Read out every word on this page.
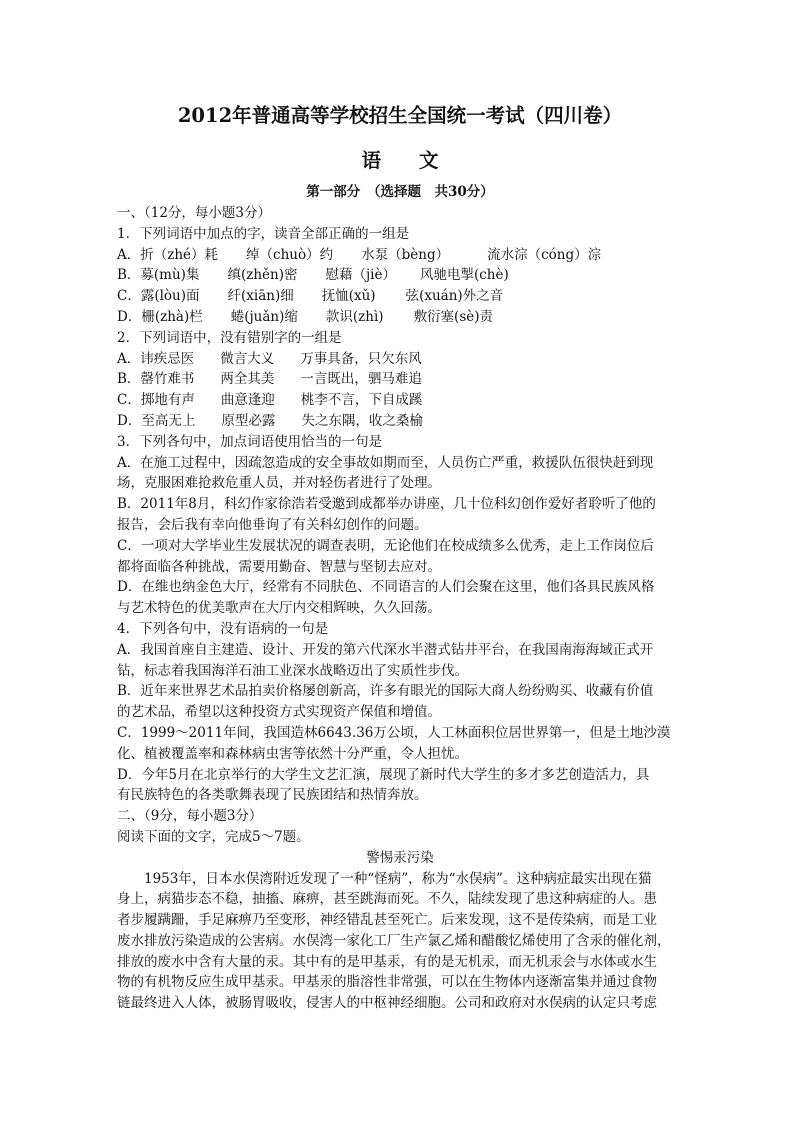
2012年普通高等学校招生全国统一考试（四川卷）
语 文
第一部分　（选择题　共30分）
一、（12分，每小题3分）
1．下列词语中加点的字，读音全部正确的一组是
A．折（zhé）耗 绰（chuò）约 水泵（bèng）	流水淙（cóng）淙
B．募(mù)集 缜(zhěn)密 慰藉（jiè） 风驰电掣(chè)
C．露(lòu)面 纤(xiān)细 抚恤(xǔ) 弦(xuán)外之音
D．栅(zhà)栏 蜷(juǎn)缩 款识(zhì) 敷衍塞(sè)责
2．下列词语中，没有错别字的一组是
A．讳疾忌医 微言大义 万事具备，只欠东风
B．罄竹难书 两全其美 一言既出，驷马难追
C．掷地有声 曲意逢迎 桃李不言，下自成蹊
D．至高无上 原型必露 失之东隅，收之桑榆
3．下列各句中，加点词语使用恰当的一句是
A．在施工过程中，因疏忽造成的安全事故如期而至，人员伤亡严重，救援队伍很快赶到现
场，克服困难抢救危重人员，并对轻伤者进行了处理。
B．2011年8月，科幻作家徐浩若受邀到成都举办讲座，几十位科幻创作爱好者聆听了他的
报告，会后我有幸向他垂询了有关科幻创作的问题。
C．一项对大学毕业生发展状况的调查表明，无论他们在校成绩多么优秀，走上工作岗位后
都将面临各种挑战，需要用勤奋、智慧与坚韧去应对。
D．在维也纳金色大厅，经常有不同肤色、不同语言的人们会聚在这里，他们各具民族风格
与艺术特色的优美歌声在大厅内交相辉映，久久回荡。
4．下列各句中，没有语病的一句是
A．我国首座自主建造、设计、开发的第六代深水半潜式钻井平台，在我国南海海域正式开
钻，标志着我国海洋石油工业深水战略迈出了实质性步伐。
B．近年来世界艺术品拍卖价格屡创新高，许多有眼光的国际大商人纷纷购买、收藏有价值
的艺术品，希望以这种投资方式实现资产保值和增值。
C．1999～2011年间，我国造林6643.36万公顷，人工林面积位居世界第一，但是土地沙漠
化、植被覆盖率和森林病虫害等依然十分严重，令人担忧。
D．今年5月在北京举行的大学生文艺汇演，展现了新时代大学生的多才多艺创造活力，具
有民族特色的各类歌舞表现了民族团结和热情奔放。
二、（9分，每小题3分）
阅读下面的文字，完成5～7题。
警惕汞污染
1953年，日本水俣湾附近发现了一种“怪病”，称为“水俣病”。这种病症最实出现在猫
身上，病猫步态不稳，抽搐、麻痹，甚至跳海而死。不久，陆续发现了患这种病症的人。患
者步履蹒跚，手足麻痹乃至变形，神经错乱甚至死亡。后来发现，这不是传染病，而是工业
废水排放污染造成的公害病。水俣湾一家化工厂生产氯乙烯和醋酸忆烯使用了含汞的催化剂，
排放的废水中含有大量的汞。其中有的是甲基汞，有的是无机汞，而无机汞会与水体或水生
物的有机物反应生成甲基汞。甲基汞的脂溶性非常强，可以在生物体内逐渐富集并通过食物
链最终进入人体，被肠胃吸收，侵害人的中枢神经细胞。公司和政府对水俣病的认定只考虑
